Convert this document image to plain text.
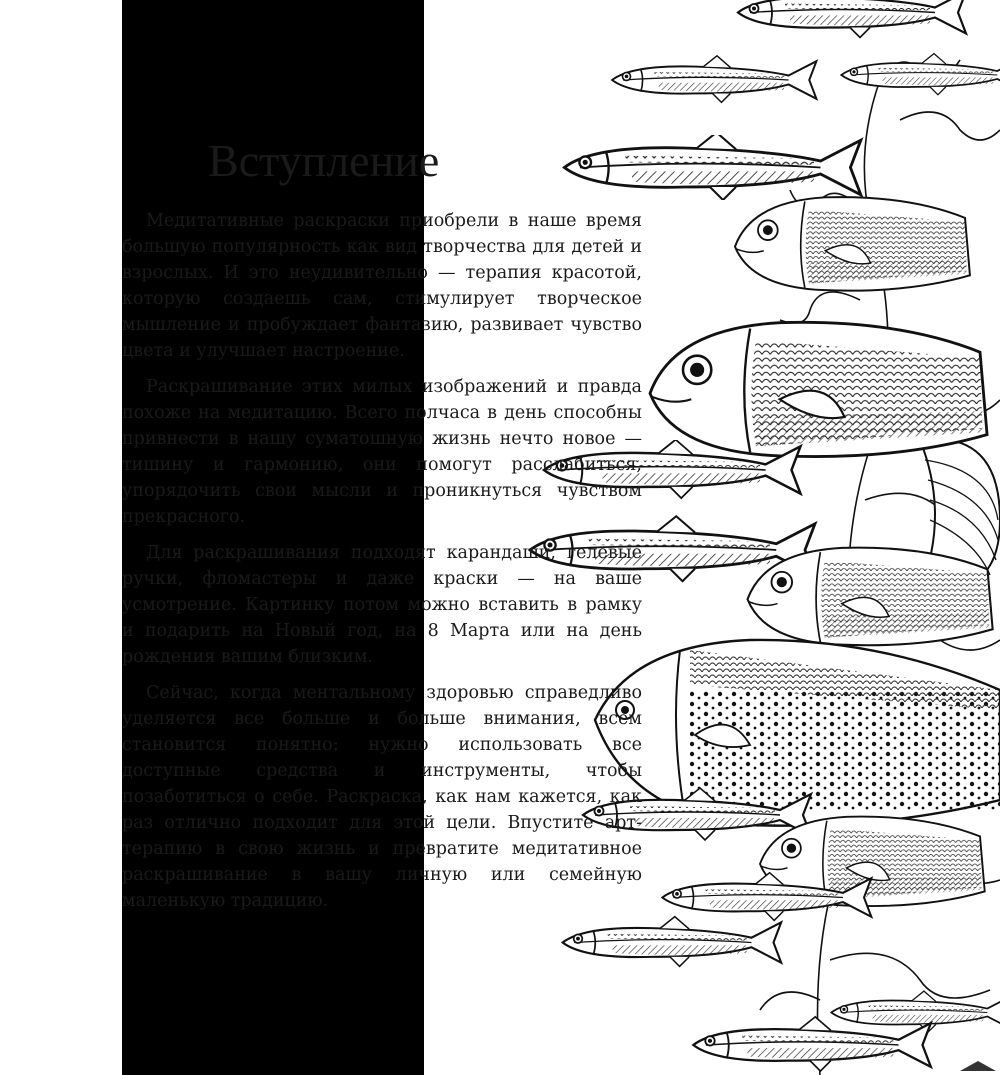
Вступление

Медитативные раскраски приобрели в наше время большую популярность как вид творчества для детей и взрослых. И это неудивительно — терапия красотой, которую создаешь сам, стимулирует творческое мышление и пробуждает фантазию, развивает чувство цвета и улучшает настроение.

Раскрашивание этих милых изображений и правда похоже на медитацию. Всего полчаса в день способны привнести в нашу суматошную жизнь нечто новое — тишину и гармонию, они помогут расслабиться, упорядочить свои мысли и проникнуться чувством прекрасного.

Для раскрашивания подходят карандаши, гелевые ручки, фломастеры и даже краски — на ваше усмотрение. Картинку потом можно вставить в рамку и подарить на Новый год, на 8 Марта или на день рождения вашим близким.

Сейчас, когда ментальному здоровью справедливо уделяется все больше и больше внимания, всем становится понятно: нужно использовать все доступные средства и инструменты, чтобы позаботиться о себе. Раскраска, как нам кажется, как раз отлично подходит для этой цели. Впустите арт-терапию в свою жизнь и превратите медитативное раскрашивание в вашу личную или семейную маленькую традицию.
